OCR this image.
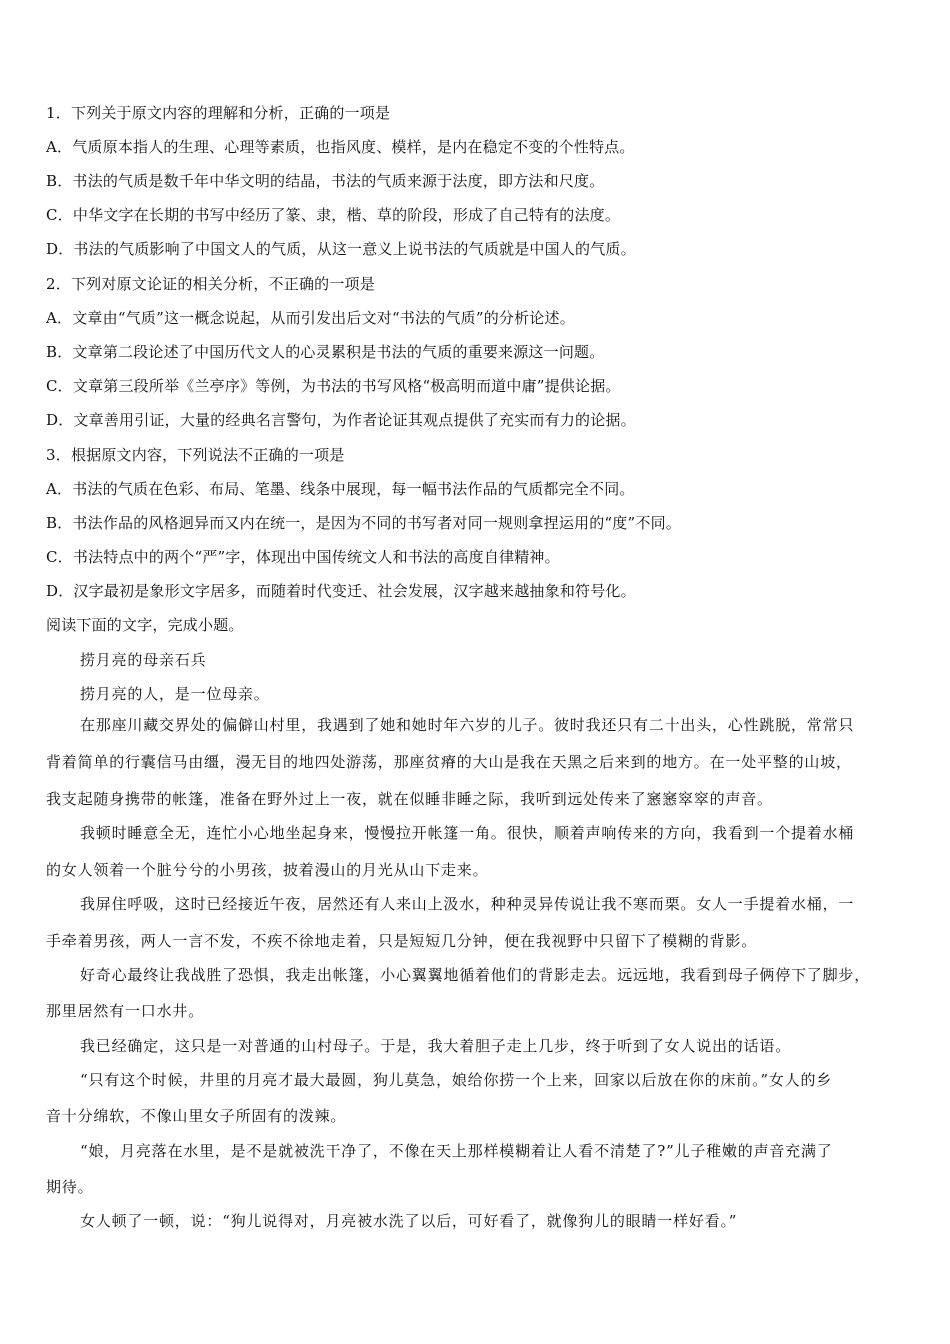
1．下列关于原文内容的理解和分析，正确的一项是
A．气质原本指人的生理、心理等素质，也指风度、模样，是内在稳定不变的个性特点。
B．书法的气质是数千年中华文明的结晶，书法的气质来源于法度，即方法和尺度。
C．中华文字在长期的书写中经历了篆、隶，楷、草的阶段，形成了自己特有的法度。
D．书法的气质影响了中国文人的气质，从这一意义上说书法的气质就是中国人的气质。
2．下列对原文论证的相关分析，不正确的一项是
A．文章由“气质”这一概念说起，从而引发出后文对“书法的气质”的分析论述。
B．文章第二段论述了中国历代文人的心灵累积是书法的气质的重要来源这一问题。
C．文章第三段所举《兰亭序》等例，为书法的书写风格“极高明而道中庸”提供论据。
D．文章善用引证，大量的经典名言警句，为作者论证其观点提供了充实而有力的论据。
3．根据原文内容，下列说法不正确的一项是
A．书法的气质在色彩、布局、笔墨、线条中展现，每一幅书法作品的气质都完全不同。
B．书法作品的风格迥异而又内在统一，是因为不同的书写者对同一规则拿捏运用的“度”不同。
C．书法特点中的两个“严”字，体现出中国传统文人和书法的高度自律精神。
D．汉字最初是象形文字居多，而随着时代变迁、社会发展，汉字越来越抽象和符号化。
阅读下面的文字，完成小题。
捞月亮的母亲石兵
捞月亮的人，是一位母亲。
在那座川藏交界处的偏僻山村里，我遇到了她和她时年六岁的儿子。彼时我还只有二十出头，心性跳脱，常常只
背着简单的行囊信马由缰，漫无目的地四处游荡，那座贫瘠的大山是我在天黑之后来到的地方。在一处平整的山坡，
我支起随身携带的帐篷，准备在野外过上一夜，就在似睡非睡之际，我听到远处传来了窸窸窣窣的声音。
我顿时睡意全无，连忙小心地坐起身来，慢慢拉开帐篷一角。很快，顺着声响传来的方向，我看到一个提着水桶
的女人领着一个脏兮兮的小男孩，披着漫山的月光从山下走来。
我屏住呼吸，这时已经接近午夜，居然还有人来山上汲水，种种灵异传说让我不寒而栗。女人一手提着水桶，一
手牵着男孩，两人一言不发，不疾不徐地走着，只是短短几分钟，便在我视野中只留下了模糊的背影。
好奇心最终让我战胜了恐惧，我走出帐篷，小心翼翼地循着他们的背影走去。远远地，我看到母子俩停下了脚步，
那里居然有一口水井。
我已经确定，这只是一对普通的山村母子。于是，我大着胆子走上几步，终于听到了女人说出的话语。
“只有这个时候，井里的月亮才最大最圆，狗儿莫急，娘给你捞一个上来，回家以后放在你的床前。”女人的乡
音十分绵软，不像山里女子所固有的泼辣。
“娘，月亮落在水里，是不是就被洗干净了，不像在天上那样模糊着让人看不清楚了?”儿子稚嫩的声音充满了
期待。
女人顿了一顿，说：“狗儿说得对，月亮被水洗了以后，可好看了，就像狗儿的眼睛一样好看。”
